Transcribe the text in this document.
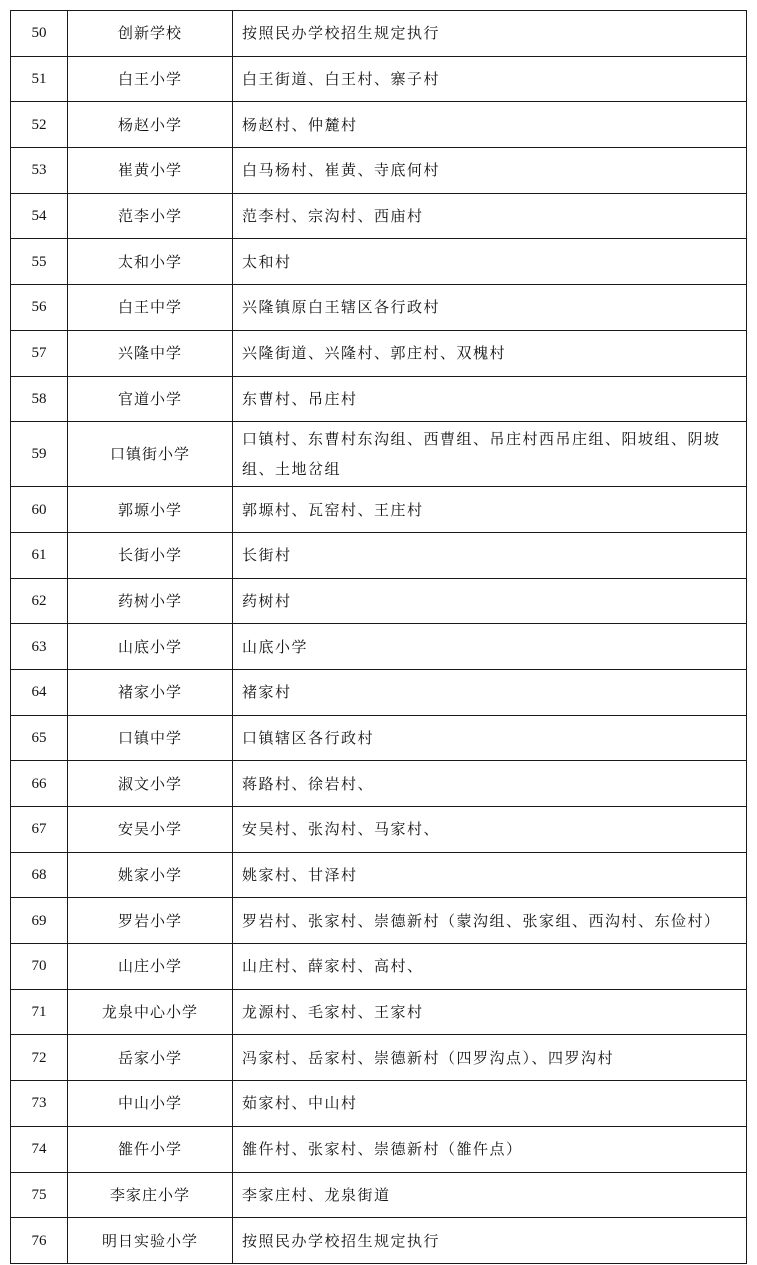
50	创新学校	按照民办学校招生规定执行
51	白王小学	白王街道、白王村、寨子村
52	杨赵小学	杨赵村、仲麓村
53	崔黄小学	白马杨村、崔黄、寺底何村
54	范李小学	范李村、宗沟村、西庙村
55	太和小学	太和村
56	白王中学	兴隆镇原白王辖区各行政村
57	兴隆中学	兴隆街道、兴隆村、郭庄村、双槐村
58	官道小学	东曹村、吊庄村
59	口镇街小学	口镇村、东曹村东沟组、西曹组、吊庄村西吊庄组、阳坡组、阴坡组、土地岔组
60	郭塬小学	郭塬村、瓦窑村、王庄村
61	长街小学	长街村
62	药树小学	药树村
63	山底小学	山底小学
64	褚家小学	褚家村
65	口镇中学	口镇辖区各行政村
66	淑文小学	蒋路村、徐岩村、
67	安吴小学	安吴村、张沟村、马家村、
68	姚家小学	姚家村、甘泽村
69	罗岩小学	罗岩村、张家村、崇德新村（蒙沟组、张家组、西沟村、东俭村）
70	山庄小学	山庄村、薛家村、高村、
71	龙泉中心小学	龙源村、毛家村、王家村
72	岳家小学	冯家村、岳家村、崇德新村（四罗沟点）、四罗沟村
73	中山小学	茹家村、中山村
74	雒仵小学	雒仵村、张家村、崇德新村（雒仵点）
75	李家庄小学	李家庄村、龙泉街道
76	明日实验小学	按照民办学校招生规定执行
